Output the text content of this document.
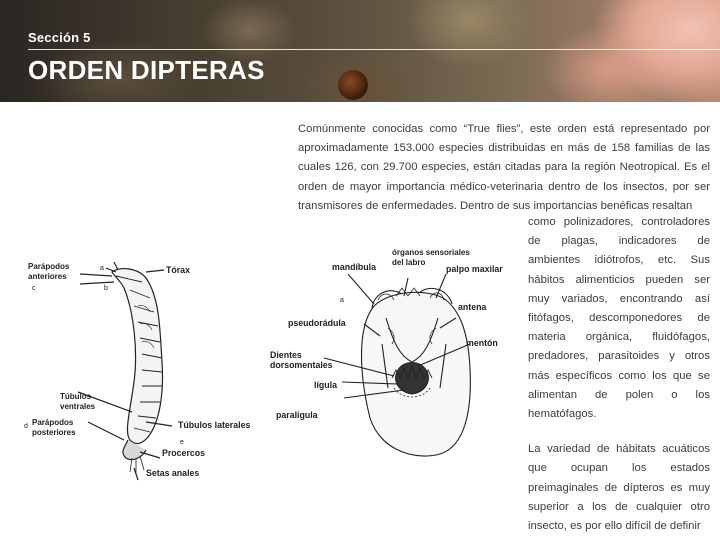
Sección 5
ORDEN DIPTERAS

Comúnmente conocidas como “True flies”, este orden está representado por aproximadamente 153.000 especies distribuidas en más de 158 familias de las cuales 126, con 29.700 especies, están citadas para la región Neotropical. Es el orden de mayor importancia médico-veterinaria dentro de los insectos, por ser transmisores de enfermedades. Dentro de sus importancias benéficas resaltan

como polinizadores, controladores de plagas, indicadores de ambientes idiótrofos, etc. Sus hábitos alimenticios pueden ser muy variados, encontrando así fitófagos, descomponedores de materia orgánica, fluidófagos, predadores, parasitoides y otros más específicos como los que se alimentan de polen o los hematófagos.

La variedad de hábitats acuáticos que ocupan los estados preimaginales de dípteros es muy superior a los de cualquier otro insecto, es por ello difícil de definir

Parápodos
anteriores
Tórax
a
b
c
Túbulos
ventrales
Túbulos laterales
d Parápodos
posteriores
e
Procercos
Setas anales
órganos sensoriales
del labro
mandíbula	palpo maxilar
a
antena
pseudorádula
mentón
Dientes
dorsomentales
lígula
paralígula
